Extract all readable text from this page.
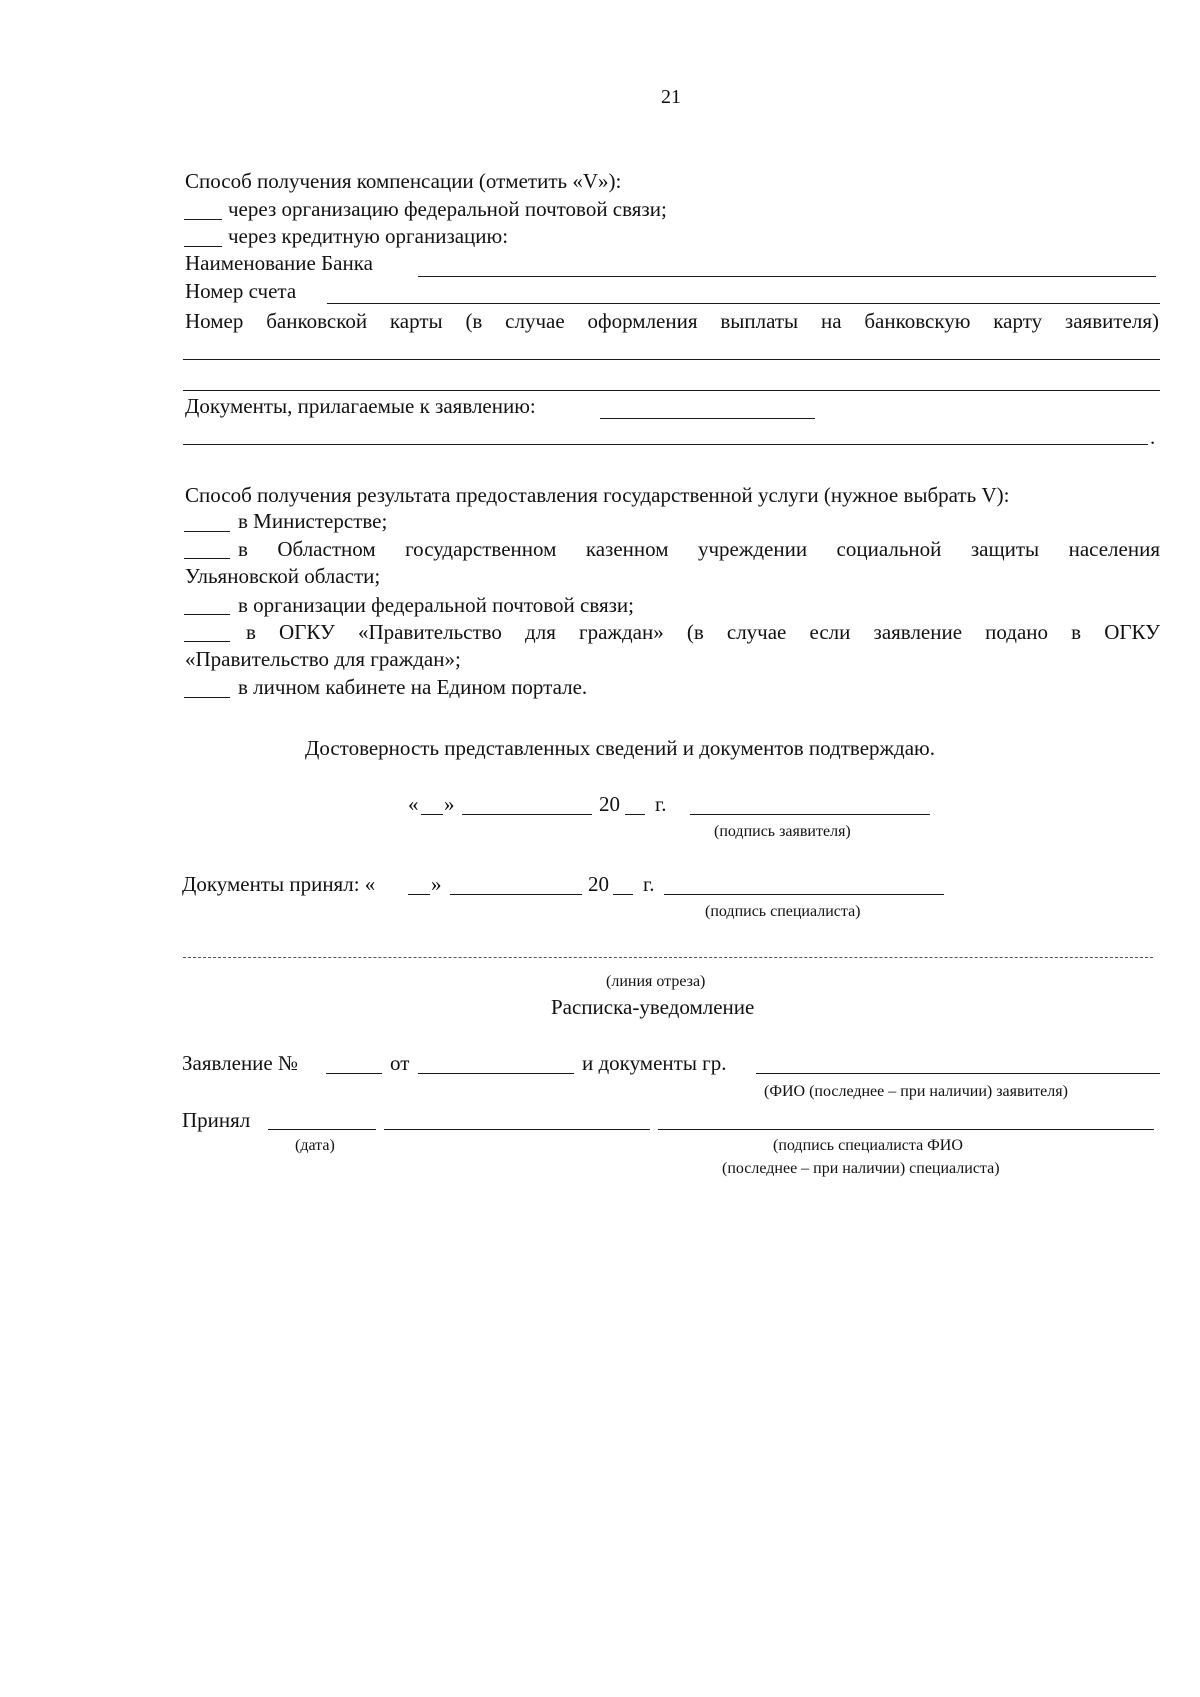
21
Способ получения компенсации (отметить «V»):
через организацию федеральной почтовой связи;
через кредитную организацию:
Наименование Банка
Номер счета
Номер банковской карты (в случае оформления выплаты на банковскую карту заявителя)
Документы, прилагаемые к заявлению:
.
Способ получения результата предоставления государственной услуги (нужное выбрать V):
в Министерстве;
в Областном государственном казенном учреждении социальной защиты населения
Ульяновской области;
в организации федеральной почтовой связи;
в ОГКУ «Правительство для граждан» (в случае если заявление подано в ОГКУ
«Правительство для граждан»;
в личном кабинете на Едином портале.
Достоверность представленных сведений и документов подтверждаю.
« »	20 г.
(подпись заявителя)
Документы принял: «	»	20 г.
(подпись специалиста)
(линия отреза)
Расписка-уведомление
Заявление №	от	и документы гр.
(ФИО (последнее – при наличии) заявителя)
Принял
(дата)	(подпись специалиста ФИО
(последнее – при наличии) специалиста)
